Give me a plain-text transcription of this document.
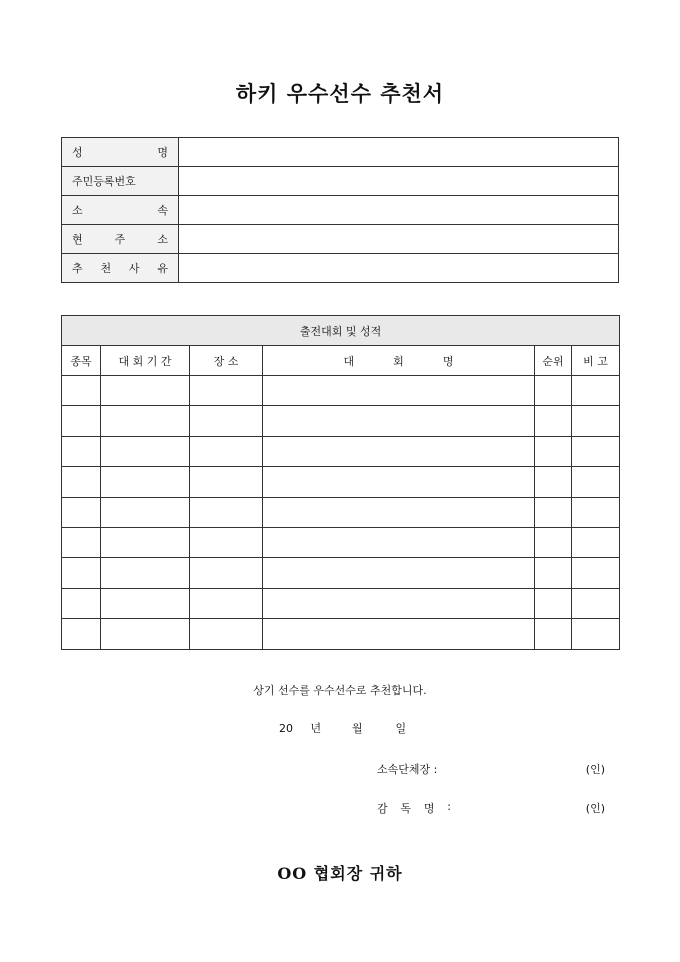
하키 우수선수 추천서
성 명	

주민등록번호	

소 속	

현 주 소	

추 천 사 유	

출전대회 및 성적					
종목	대 회 기 간	장 소	대 회 명	순위	비 고

상기 선수를 우수선수로 추천합니다.
20 년	월	일
소속단체장 :	(인)
감 독 명 :	(인)
OO 협회장 귀하
